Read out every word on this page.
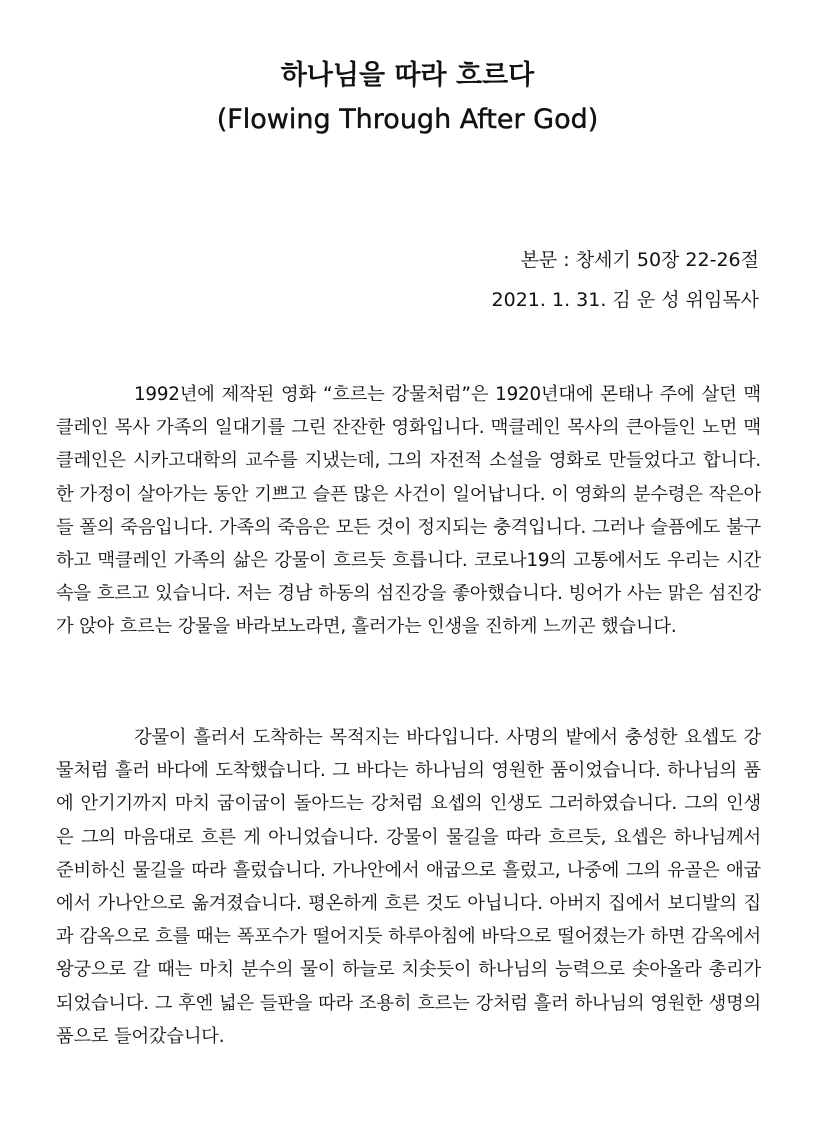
하나님을 따라 흐르다
(Flowing Through After God)
본문 : 창세기 50장 22-26절
2021. 1. 31. 김 운 성 위임목사

1992년에 제작된 영화 “흐르는 강물처럼”은 1920년대에 몬태나 주에 살던 맥클레인 목사 가족의 일대기를 그린 잔잔한 영화입니다. 맥클레인 목사의 큰아들인 노먼 맥클레인은 시카고대학의 교수를 지냈는데, 그의 자전적 소설을 영화로 만들었다고 합니다. 한 가정이 살아가는 동안 기쁘고 슬픈 많은 사건이 일어납니다. 이 영화의 분수령은 작은아들 폴의 죽음입니다. 가족의 죽음은 모든 것이 정지되는 충격입니다. 그러나 슬픔에도 불구하고 맥클레인 가족의 삶은 강물이 흐르듯 흐릅니다. 코로나19의 고통에서도 우리는 시간 속을 흐르고 있습니다. 저는 경남 하동의 섬진강을 좋아했습니다. 빙어가 사는 맑은 섬진강가 앉아 흐르는 강물을 바라보노라면, 흘러가는 인생을 진하게 느끼곤 했습니다.

강물이 흘러서 도착하는 목적지는 바다입니다. 사명의 밭에서 충성한 요셉도 강물처럼 흘러 바다에 도착했습니다. 그 바다는 하나님의 영원한 품이었습니다. 하나님의 품에 안기기까지 마치 굽이굽이 돌아드는 강처럼 요셉의 인생도 그러하였습니다. 그의 인생은 그의 마음대로 흐른 게 아니었습니다. 강물이 물길을 따라 흐르듯, 요셉은 하나님께서 준비하신 물길을 따라 흘렀습니다. 가나안에서 애굽으로 흘렀고, 나중에 그의 유골은 애굽에서 가나안으로 옮겨졌습니다. 평온하게 흐른 것도 아닙니다. 아버지 집에서 보디발의 집과 감옥으로 흐를 때는 폭포수가 떨어지듯 하루아침에 바닥으로 떨어졌는가 하면 감옥에서 왕궁으로 갈 때는 마치 분수의 물이 하늘로 치솟듯이 하나님의 능력으로 솟아올라 총리가 되었습니다. 그 후엔 넓은 들판을 따라 조용히 흐르는 강처럼 흘러 하나님의 영원한 생명의 품으로 들어갔습니다.
